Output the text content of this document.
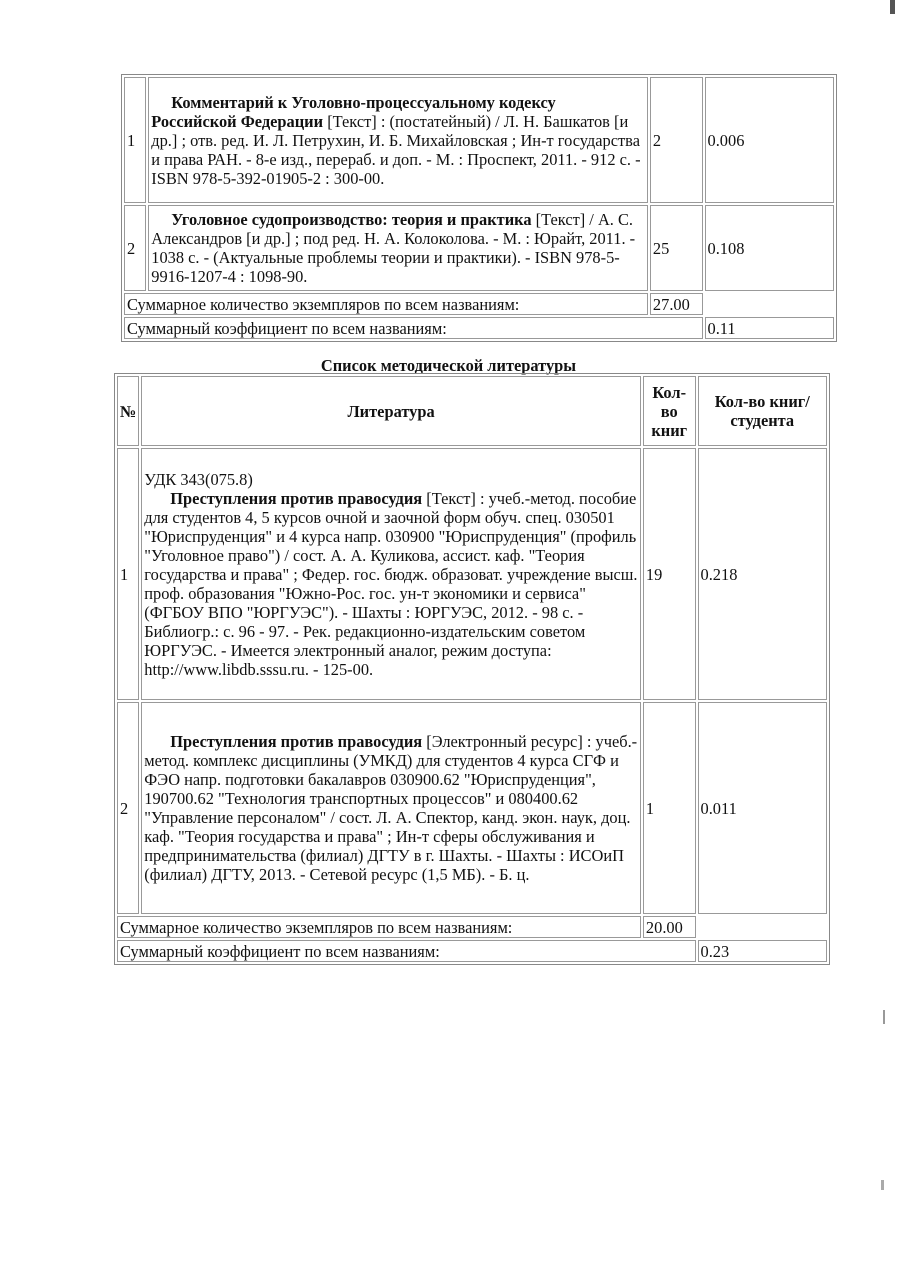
1	Комментарий к Уголовно-процессуальному кодексу Российской Федерации [Текст] : (постатейный) / Л. Н. Башкатов [и др.] ; отв. ред. И. Л. Петрухин, И. Б. Михайловская ; Ин-т государства и права РАН. - 8-е изд., перераб. и доп. - М. : Проспект, 2011. - 912 с. - ISBN 978-5-392-01905-2 : 300-00.	2	0.006
2	Уголовное судопроизводство: теория и практика [Текст] / А. С. Александров [и др.] ; под ред. Н. А. Колоколова. - М. : Юрайт, 2011. - 1038 с. - (Актуальные проблемы теории и практики). - ISBN 978-5-9916-1207-4 : 1098-90.	25	0.108
Суммарное количество экземпляров по всем названиям:		27.00	
Суммарный коэффициент по всем названиям:			0.11
Список методической литературы
№	Литература	Кол-во книг	Кол-во книг/студента
1	УДК 343(075.8)
Преступления против правосудия [Текст] : учеб.-метод. пособие для студентов 4, 5 курсов очной и заочной форм обуч. спец. 030501 "Юриспруденция" и 4 курса напр. 030900 "Юриспруденция" (профиль "Уголовное право") / сост. А. А. Куликова, ассист. каф. "Теория государства и права" ; Федер. гос. бюдж. образоват. учреждение высш. проф. образования "Южно-Рос. гос. ун-т экономики и сервиса" (ФГБОУ ВПО "ЮРГУЭС"). - Шахты : ЮРГУЭС, 2012. - 98 с. - Библиогр.: с. 96 - 97. - Рек. редакционно-издательским советом ЮРГУЭС. - Имеется электронный аналог, режим доступа: http://www.libdb.sssu.ru. - 125-00.	19	0.218
2	Преступления против правосудия [Электронный ресурс] : учеб.-метод. комплекс дисциплины (УМКД) для студентов 4 курса СГФ и ФЭО напр. подготовки бакалавров 030900.62 "Юриспруденция", 190700.62 "Технология транспортных процессов" и 080400.62 "Управление персоналом" / сост. Л. А. Спектор, канд. экон. наук, доц. каф. "Теория государства и права" ; Ин-т сферы обслуживания и предпринимательства (филиал) ДГТУ в г. Шахты. - Шахты : ИСОиП (филиал) ДГТУ, 2013. - Сетевой ресурс (1,5 МБ). - Б. ц.	1	0.011
Суммарное количество экземпляров по всем названиям:		20.00	
Суммарный коэффициент по всем названиям:			0.23
